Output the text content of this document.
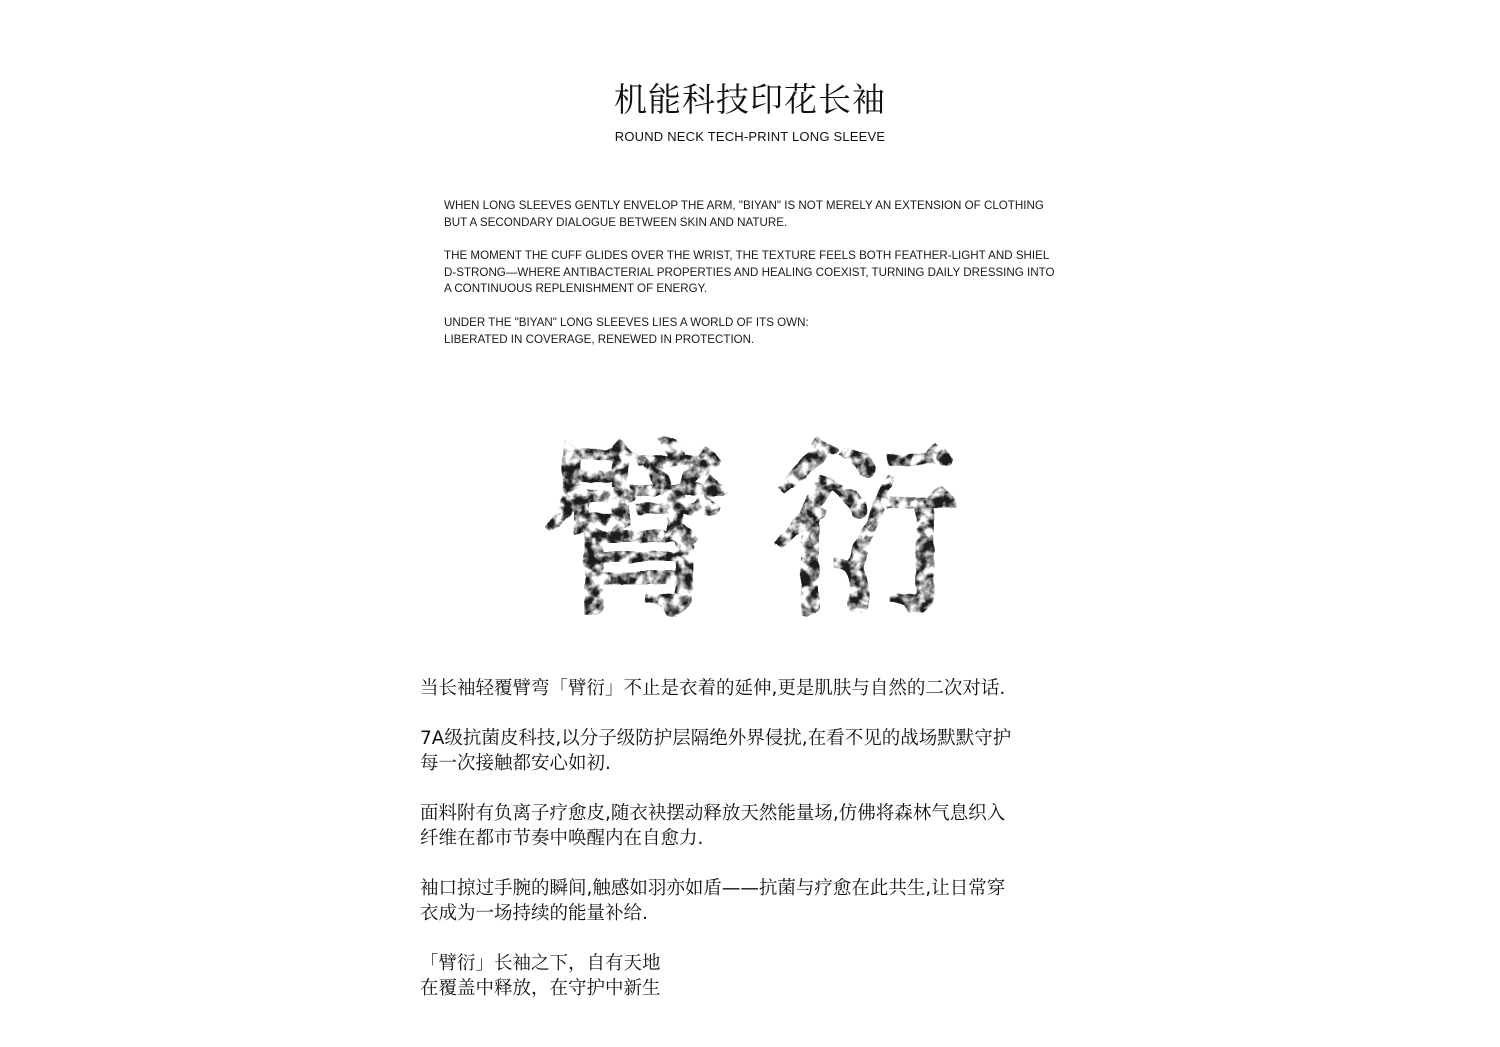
机能科技印花长袖

ROUND NECK TECH-PRINT LONG SLEEVE

WHEN LONG SLEEVES GENTLY ENVELOP THE ARM, "BIYAN" IS NOT MERELY AN EXTENSION OF CLOTHING
BUT A SECONDARY DIALOGUE BETWEEN SKIN AND NATURE.
THE MOMENT THE CUFF GLIDES OVER THE WRIST, THE TEXTURE FEELS BOTH FEATHER-LIGHT AND SHIEL
D-STRONG—WHERE ANTIBACTERIAL PROPERTIES AND HEALING COEXIST, TURNING DAILY DRESSING INTO
A CONTINUOUS REPLENISHMENT OF ENERGY.
UNDER THE "BIYAN" LONG SLEEVES LIES A WORLD OF ITS OWN:
LIBERATED IN COVERAGE, RENEWED IN PROTECTION.
臂 衍
当长袖轻覆臂弯「臂衍」不止是衣着的延伸,更是肌肤与自然的二次对话.
7A级抗菌皮科技,以分子级防护层隔绝外界侵扰,在看不见的战场默默守护
每一次接触都安心如初.
面料附有负离子疗愈皮,随衣袂摆动释放天然能量场,仿佛将森林气息织入
纤维在都市节奏中唤醒内在自愈力.
袖口掠过手腕的瞬间,触感如羽亦如盾——抗菌与疗愈在此共生,让日常穿
衣成为一场持续的能量补给.
「臂衍」长袖之下，自有天地
在覆盖中释放，在守护中新生
